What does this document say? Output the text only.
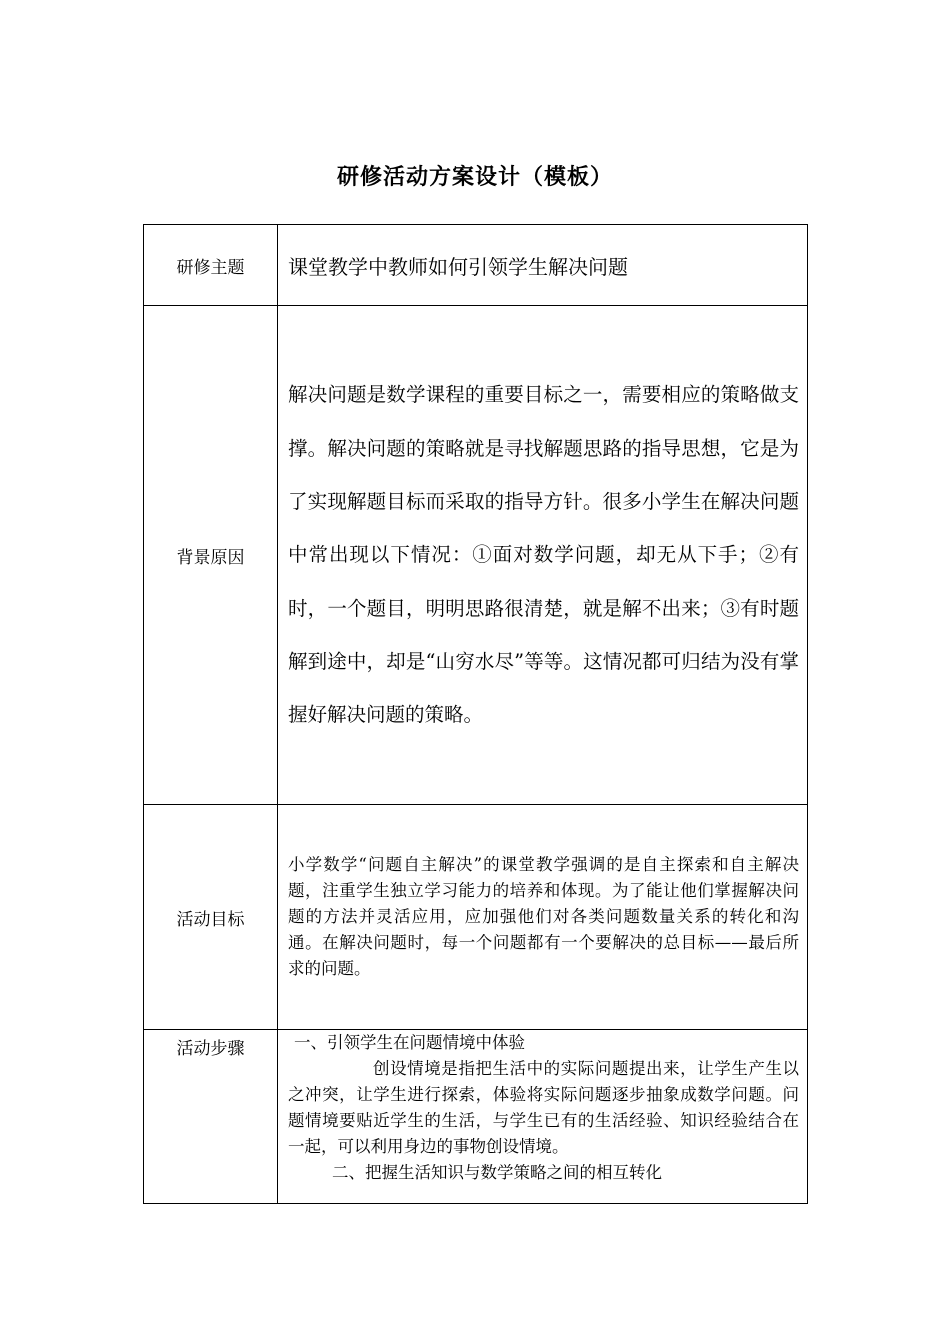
研修活动方案设计（模板）
研修主题	课堂教学中教师如何引领学生解决问题
背景原因	解决问题是数学课程的重要目标之一，需要相应的策略做支撑。解决问题的策略就是寻找解题思路的指导思想，它是为了实现解题目标而采取的指导方针。很多小学生在解决问题中常出现以下情况：①面对数学问题，却无从下手；②有时，一个题目，明明思路很清楚，就是解不出来；③有时题解到途中，却是“山穷水尽”等等。这情况都可归结为没有掌握好解决问题的策略。

活动目标	小学数学“问题自主解决”的课堂教学强调的是自主探索和自主解决题，注重学生独立学习能力的培养和体现。为了能让他们掌握解决问题的方法并灵活应用，应加强他们对各类问题数量关系的转化和沟通。在解决问题时，每一个问题都有一个要解决的总目标——最后所求的问题。

活动步骤	一、引领学生在问题情境中体验

创设情境是指把生活中的实际问题提出来，让学生产生以之冲突，让学生进行探索，体验将实际问题逐步抽象成数学问题。问题情境要贴近学生的生活，与学生已有的生活经验、知识经验结合在一起，可以利用身边的事物创设情境。

二、把握生活知识与数学策略之间的相互转化
